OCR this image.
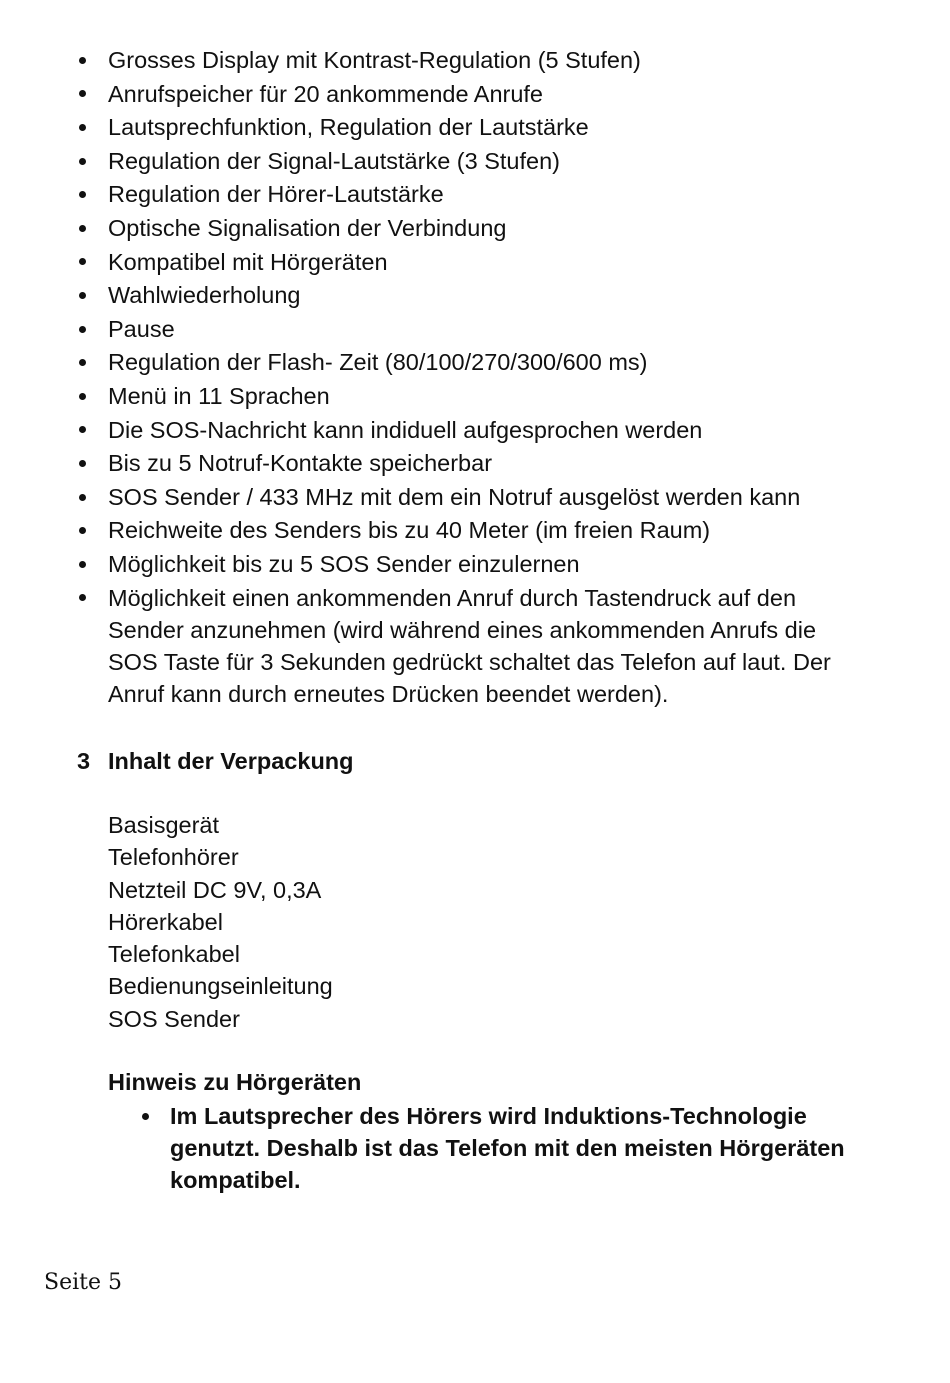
Grosses Display mit Kontrast-Regulation (5 Stufen)
Anrufspeicher für 20 ankommende Anrufe
Lautsprechfunktion, Regulation der Lautstärke
Regulation der Signal-Lautstärke (3 Stufen)
Regulation der Hörer-Lautstärke
Optische Signalisation der Verbindung
Kompatibel mit Hörgeräten
Wahlwiederholung
Pause
Regulation der Flash- Zeit (80/100/270/300/600 ms)
Menü in 11 Sprachen
Die SOS-Nachricht kann indiduell aufgesprochen werden
Bis zu 5 Notruf-Kontakte speicherbar
SOS Sender / 433 MHz mit dem ein Notruf ausgelöst werden kann
Reichweite des Senders bis zu 40 Meter (im freien Raum)
Möglichkeit bis zu 5 SOS Sender einzulernen
Möglichkeit einen ankommenden Anruf durch Tastendruck auf den Sender anzunehmen (wird während eines ankommenden Anrufs die SOS Taste für 3 Sekunden gedrückt schaltet das Telefon auf laut. Der Anruf kann durch erneutes Drücken beendet werden).
3 Inhalt der Verpackung
Basisgerät
Telefonhörer
Netzteil DC 9V, 0,3A
Hörerkabel
Telefonkabel
Bedienungseinleitung
SOS Sender
Hinweis zu Hörgeräten
Im Lautsprecher des Hörers wird Induktions-Technologie genutzt. Deshalb ist das Telefon mit den meisten Hörgeräten kompatibel.
Seite 5
